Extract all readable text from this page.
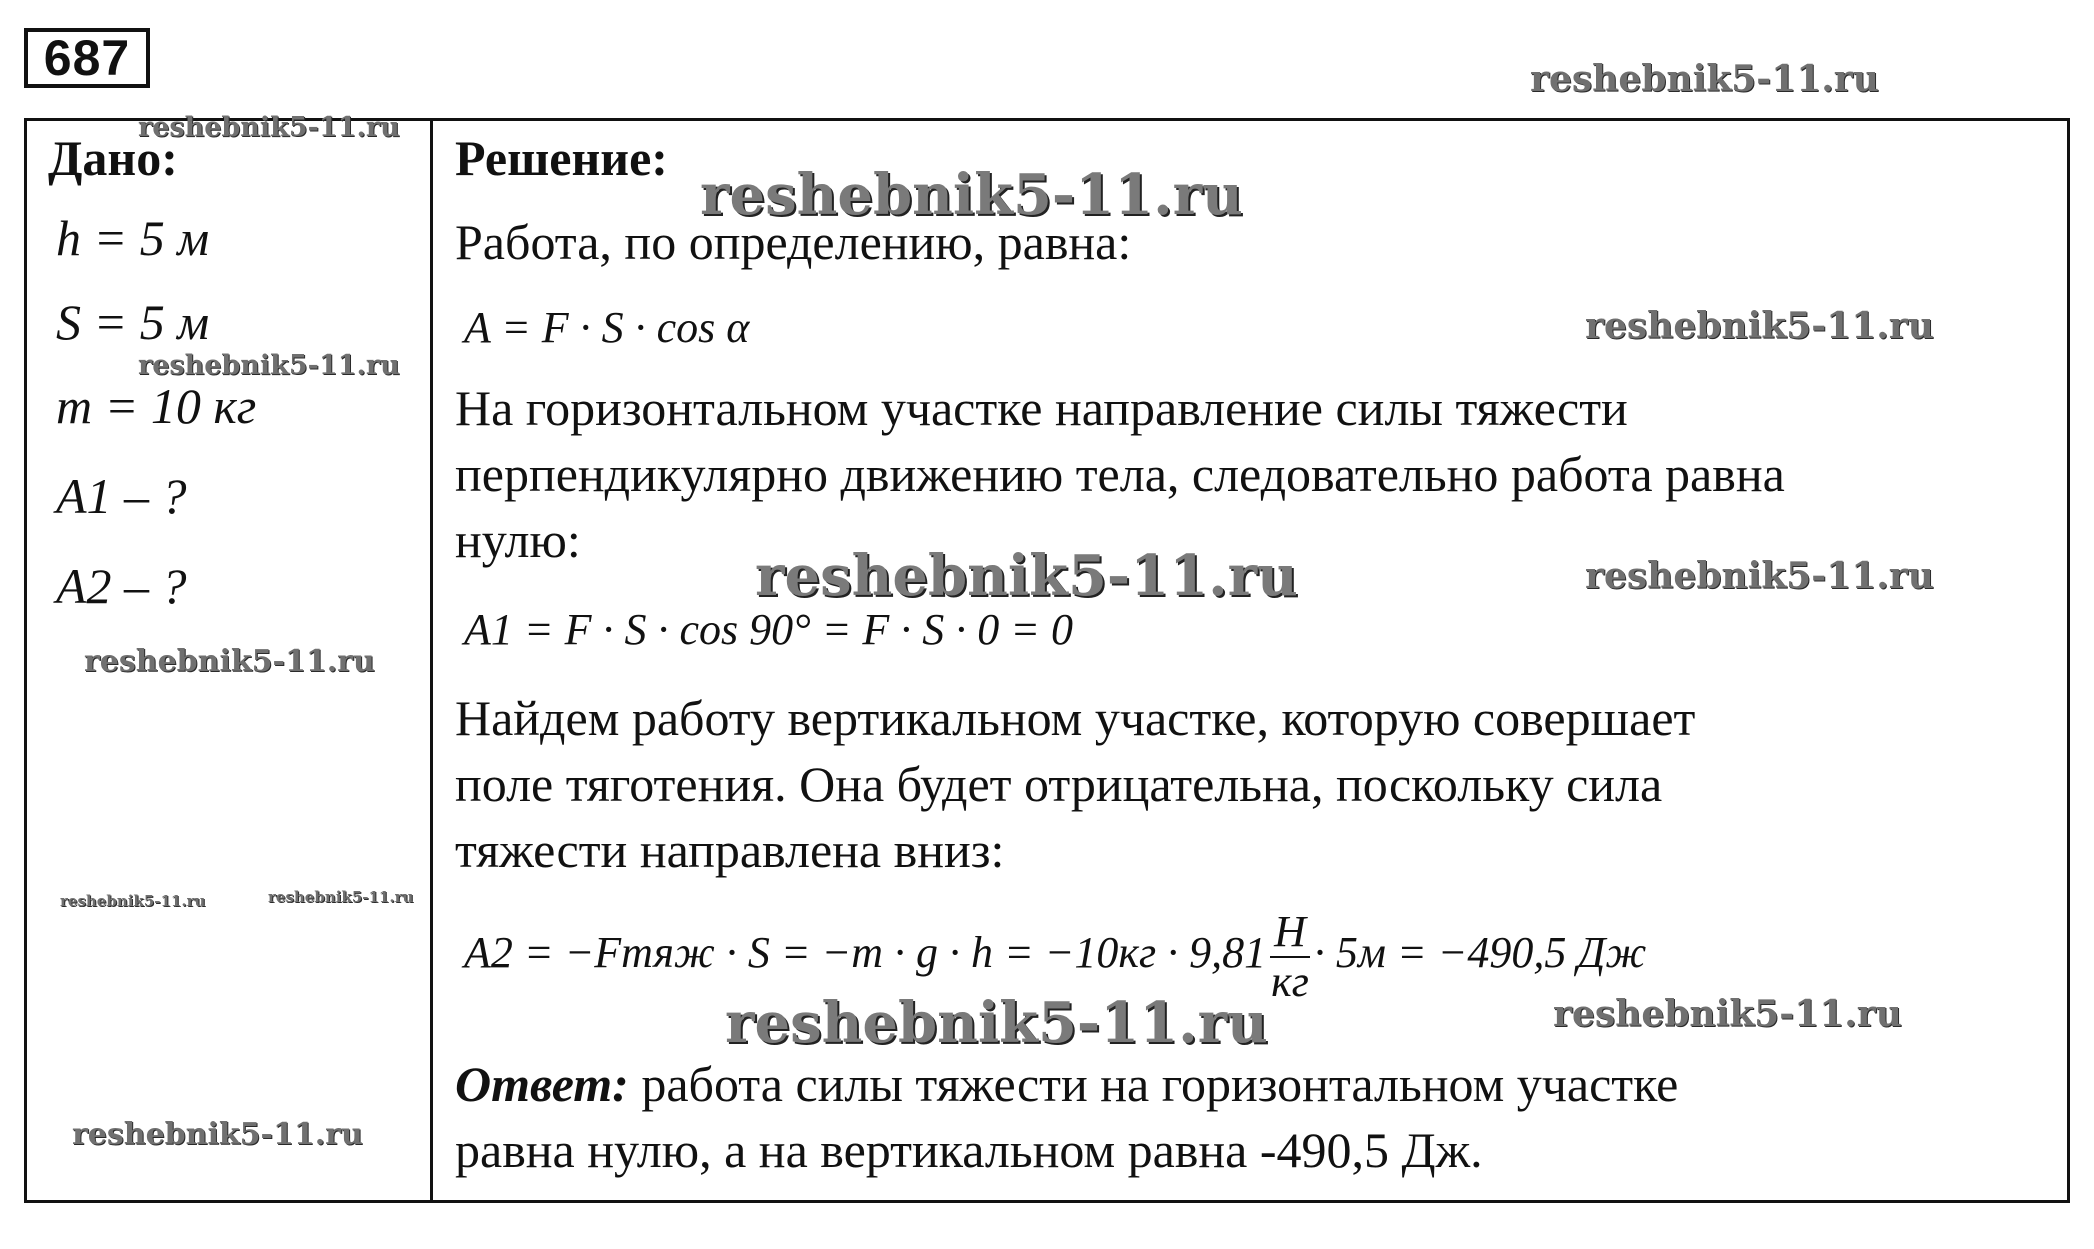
687	reshebnik5-11.ru
reshebnik5-11.ru
reshebnik5-11.ru
reshebnik5-11.ru
reshebnik5-11.ru
reshebnik5-11.ru	reshebnik5-11.ru
reshebnik5-11.ru
reshebnik5-11.ru	reshebnik5-11.ru
reshebnik5-11.ru	reshebnik5-11.ru
reshebnik5-11.ru
Дано:
h = 5 м
S = 5 м
m = 10 кг
A1 – ?
A2 – ?
Решение:
Работа, по определению, равна:
A = F · S · cos α
На горизонтальном участке направление силы тяжести
перпендикулярно движению тела, следовательно работа равна
нулю:
A1 = F · S · cos 90° = F · S · 0 = 0
Найдем работу вертикальном участке, которую совершает
поле тяготения. Она будет отрицательна, поскольку сила
тяжести направлена вниз:
A2 = −Fтяж · $S = -m \cdot g \cdot h = -10кг \cdot 9,81 \frac{Н}{кг} \cdot 5м = -490,5$ Дж
Ответ: работа силы тяжести на горизонтальном участке
равна нулю, а на вертикальном равна -490,5 Дж.
